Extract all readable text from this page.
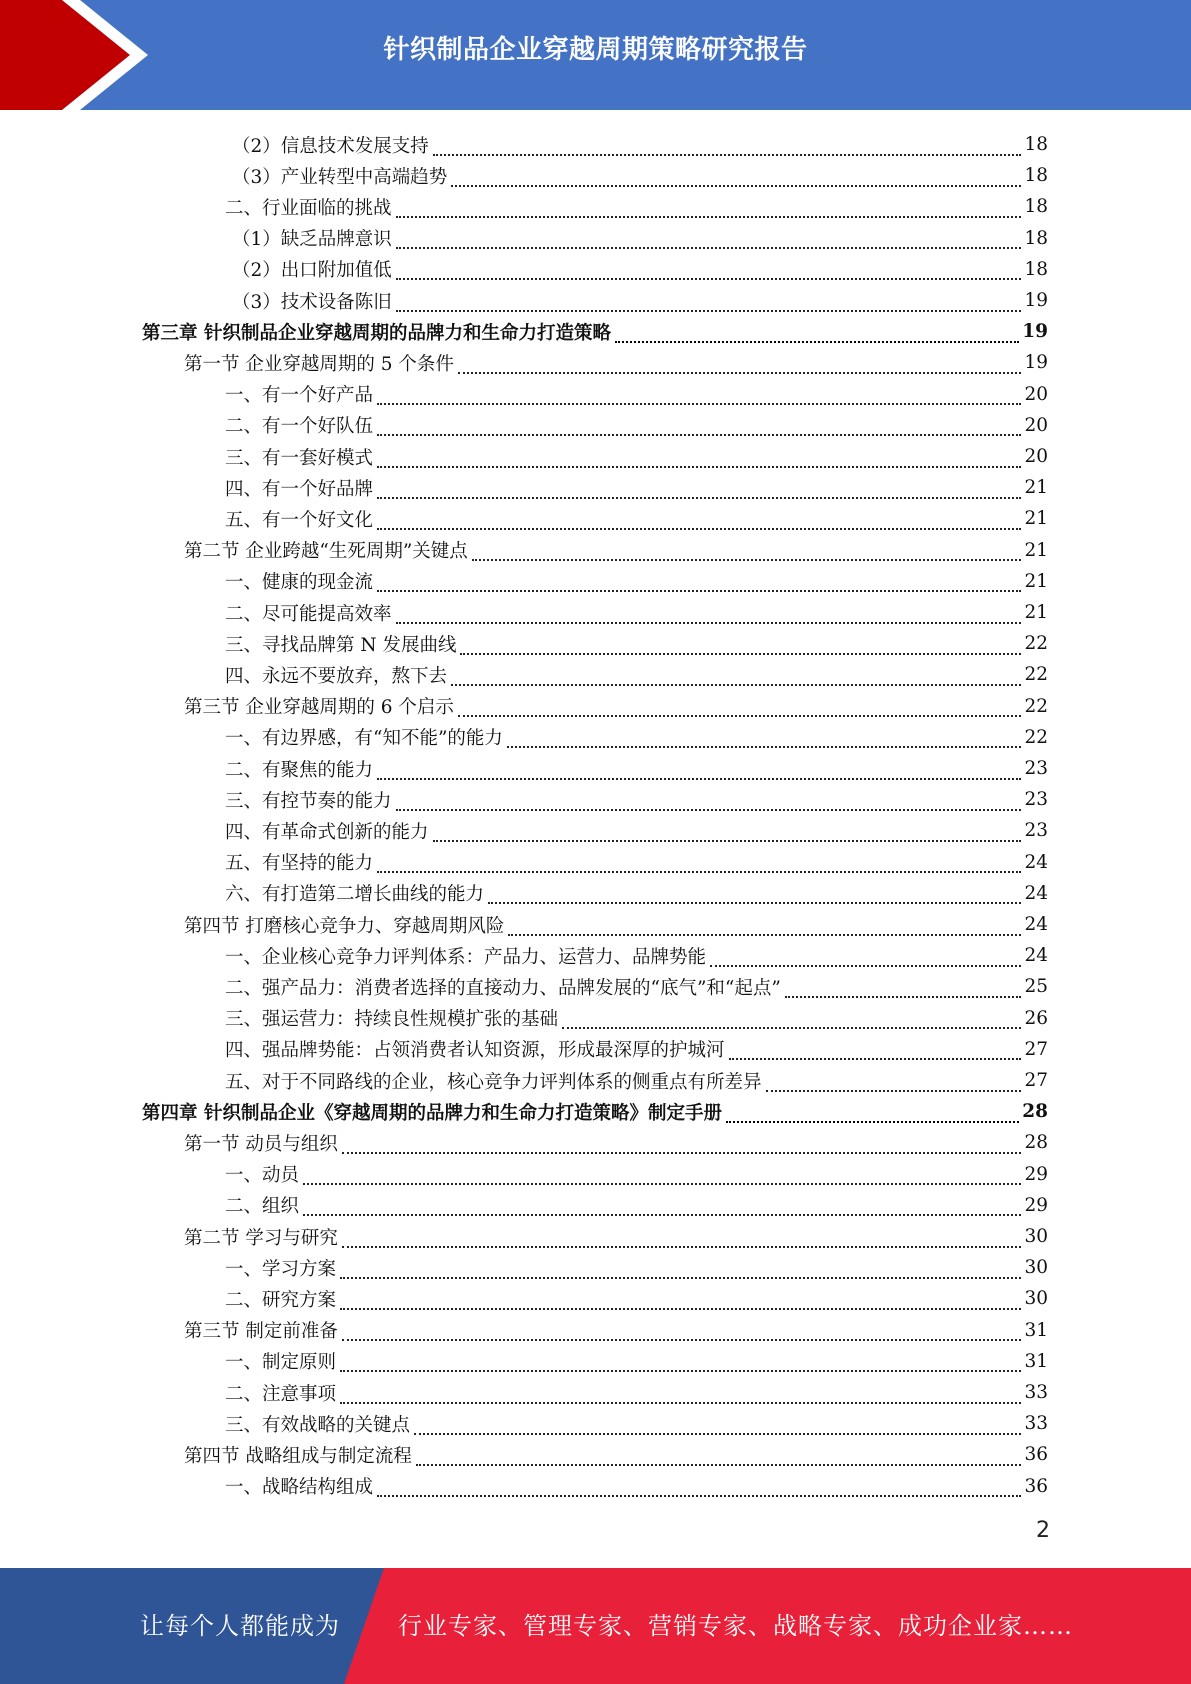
针织制品企业穿越周期策略研究报告
（2）信息技术发展支持	18
（3）产业转型中高端趋势	18
二、行业面临的挑战	18
（1）缺乏品牌意识	18
（2）出口附加值低	18
（3）技术设备陈旧	19
第三章 针织制品企业穿越周期的品牌力和生命力打造策略	19
第一节 企业穿越周期的 5 个条件	19
一、有一个好产品	20
二、有一个好队伍	20
三、有一套好模式	20
四、有一个好品牌	21
五、有一个好文化	21
第二节 企业跨越“生死周期”关键点	21
一、健康的现金流	21
二、尽可能提高效率	21
三、寻找品牌第 N 发展曲线	22
四、永远不要放弃，熬下去	22
第三节 企业穿越周期的 6 个启示	22
一、有边界感，有“知不能”的能力	22
二、有聚焦的能力	23
三、有控节奏的能力	23
四、有革命式创新的能力	23
五、有坚持的能力	24
六、有打造第二增长曲线的能力	24
第四节 打磨核心竞争力、穿越周期风险	24
一、企业核心竞争力评判体系：产品力、运营力、品牌势能	24
二、强产品力：消费者选择的直接动力、品牌发展的“底气”和“起点”	25
三、强运营力：持续良性规模扩张的基础	26
四、强品牌势能：占领消费者认知资源，形成最深厚的护城河	27
五、对于不同路线的企业，核心竞争力评判体系的侧重点有所差异	27
第四章 针织制品企业《穿越周期的品牌力和生命力打造策略》制定手册	28
第一节 动员与组织	28
一、动员	29
二、组织	29
第二节 学习与研究	30
一、学习方案	30
二、研究方案	30
第三节 制定前准备	31
一、制定原则	31
二、注意事项	33
三、有效战略的关键点	33
第四节 战略组成与制定流程	36
一、战略结构组成	36
2
让每个人都能成为 行业专家、管理专家、营销专家、战略专家、成功企业家……
